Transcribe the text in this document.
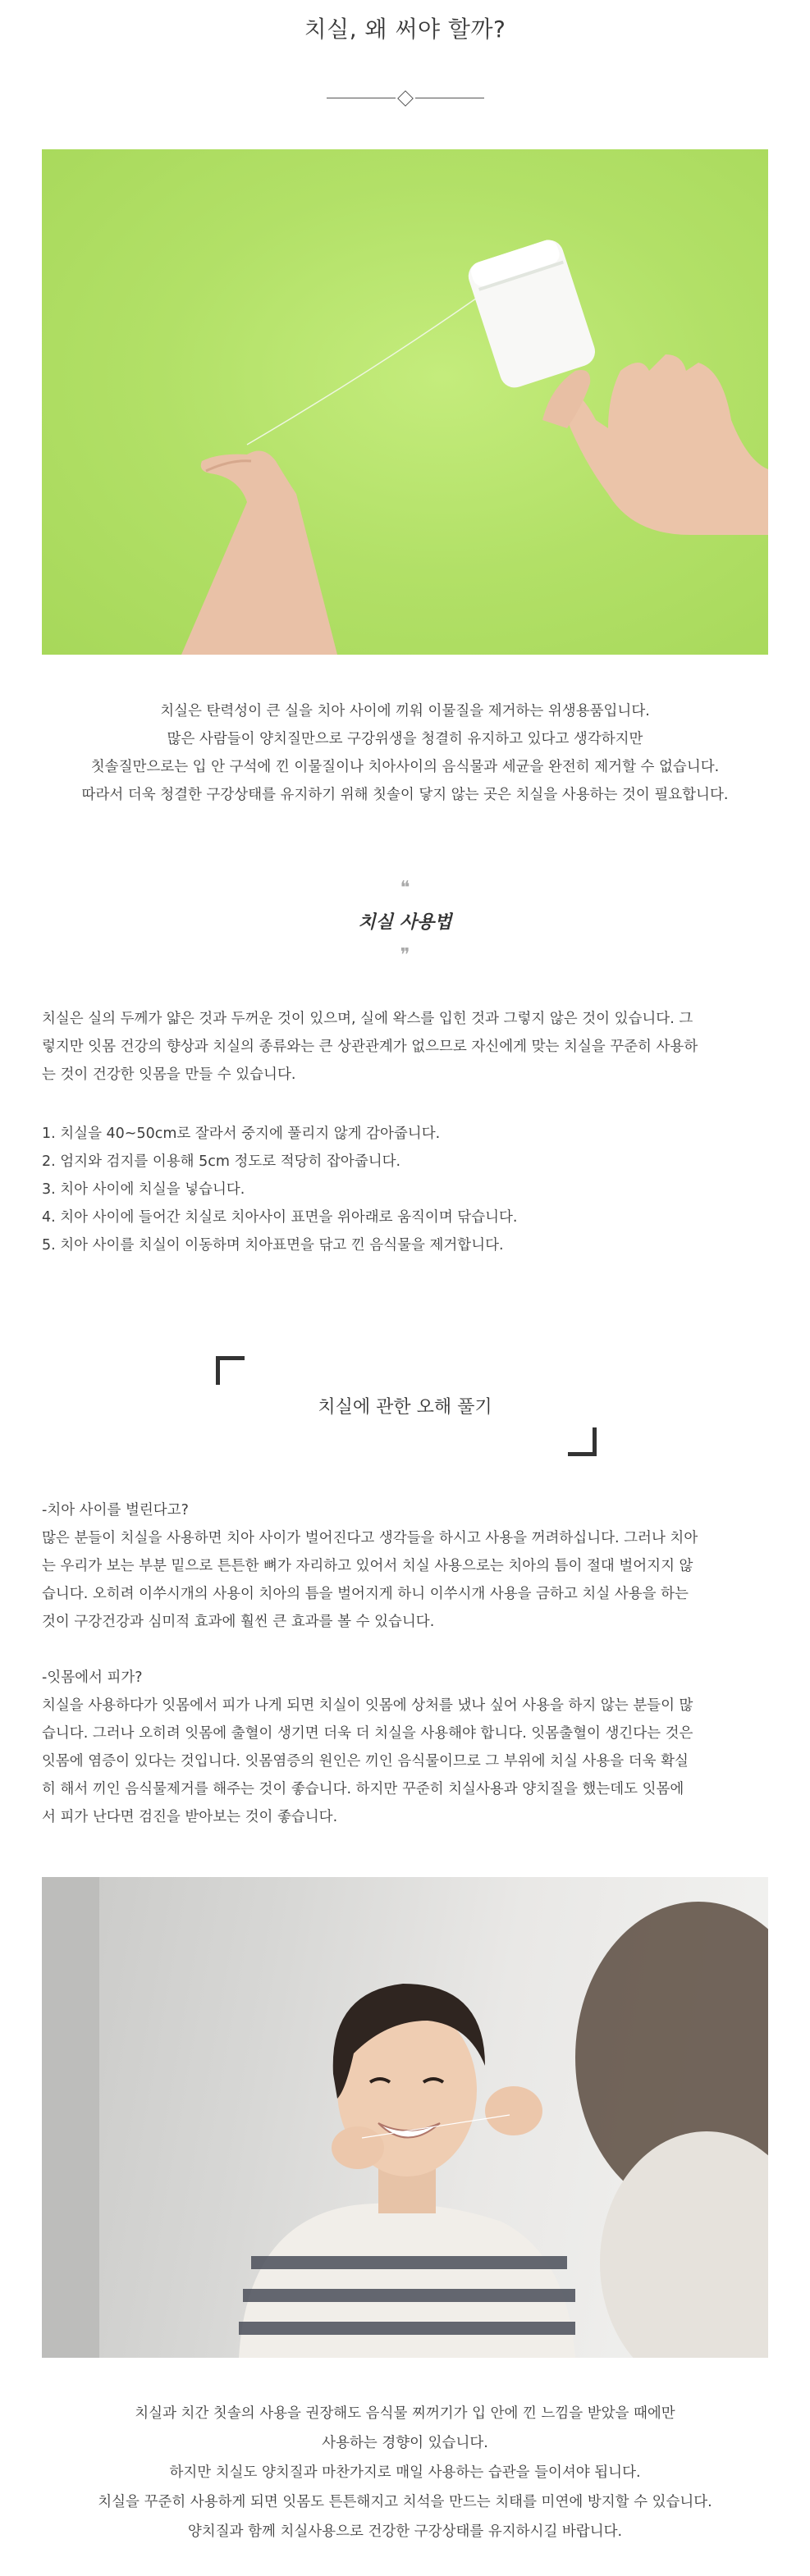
치실, 왜 써야 할까?
치실은 탄력성이 큰 실을 치아 사이에 끼워 이물질을 제거하는 위생용품입니다.
많은 사람들이 양치질만으로 구강위생을 청결히 유지하고 있다고 생각하지만
칫솔질만으로는 입 안 구석에 낀 이물질이나 치아사이의 음식물과 세균을 완전히 제거할 수 없습니다.
따라서 더욱 청결한 구강상태를 유지하기 위해 칫솔이 닿지 않는 곳은 치실을 사용하는 것이 필요합니다.
❝
치실 사용법
❞
치실은 실의 두께가 얇은 것과 두꺼운 것이 있으며, 실에 왁스를 입힌 것과 그렇지 않은 것이 있습니다. 그
렇지만 잇몸 건강의 향상과 치실의 종류와는 큰 상관관계가 없으므로 자신에게 맞는 치실을 꾸준히 사용하
는 것이 건강한 잇몸을 만들 수 있습니다.
1. 치실을 40~50cm로 잘라서 중지에 풀리지 않게 감아줍니다.
2. 엄지와 검지를 이용해 5cm 정도로 적당히 잡아줍니다.
3. 치아 사이에 치실을 넣습니다.
4. 치아 사이에 들어간 치실로 치아사이 표면을 위아래로 움직이며 닦습니다.
5. 치아 사이를 치실이 이동하며 치아표면을 닦고 낀 음식물을 제거합니다.
치실에 관한 오해 풀기
-치아 사이를 벌린다고?
많은 분들이 치실을 사용하면 치아 사이가 벌어진다고 생각들을 하시고 사용을 꺼려하십니다. 그러나 치아
는 우리가 보는 부분 밑으로 튼튼한 뼈가 자리하고 있어서 치실 사용으로는 치아의 틈이 절대 벌어지지 않
습니다. 오히려 이쑤시개의 사용이 치아의 틈을 벌어지게 하니 이쑤시개 사용을 금하고 치실 사용을 하는
것이 구강건강과 심미적 효과에 훨씬 큰 효과를 볼 수 있습니다.
-잇몸에서 피가?
치실을 사용하다가 잇몸에서 피가 나게 되면 치실이 잇몸에 상처를 냈나 싶어 사용을 하지 않는 분들이 많
습니다. 그러나 오히려 잇몸에 출혈이 생기면 더욱 더 치실을 사용해야 합니다. 잇몸출혈이 생긴다는 것은
잇몸에 염증이 있다는 것입니다. 잇몸염증의 원인은 끼인 음식물이므로 그 부위에 치실 사용을 더욱 확실
히 해서 끼인 음식물제거를 해주는 것이 좋습니다. 하지만 꾸준히 치실사용과 양치질을 했는데도 잇몸에
서 피가 난다면 검진을 받아보는 것이 좋습니다.
치실과 치간 칫솔의 사용을 권장해도 음식물 찌꺼기가 입 안에 낀 느낌을 받았을 때에만
사용하는 경향이 있습니다.
하지만 치실도 양치질과 마찬가지로 매일 사용하는 습관을 들이셔야 됩니다.
치실을 꾸준히 사용하게 되면 잇몸도 튼튼해지고 치석을 만드는 치태를 미연에 방지할 수 있습니다.
양치질과 함께 치실사용으로 건강한 구강상태를 유지하시길 바랍니다.
